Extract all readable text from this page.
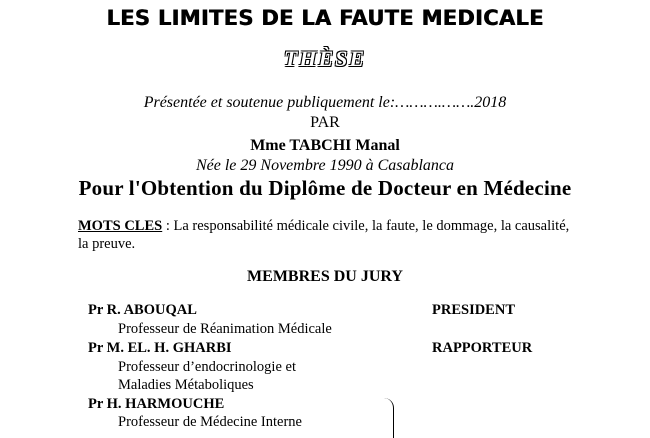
LES LIMITES DE LA FAUTE MEDICALE
THÈSE
Présentée et soutenue publiquement le:……….…….2018
PAR
Mme TABCHI Manal
Née le 29 Novembre 1990 à Casablanca
Pour l'Obtention du Diplôme de Docteur en Médecine
MOTS CLES : La responsabilité médicale civile, la faute, le dommage, la causalité, la preuve.
MEMBRES DU JURY
Pr R. ABOUQAL	PRESIDENT
Professeur de Réanimation Médicale
Pr M. EL. H. GHARBI	RAPPORTEUR
Professeur d’endocrinologie et
Maladies Métaboliques
Pr H. HARMOUCHE
Professeur de Médecine Interne
